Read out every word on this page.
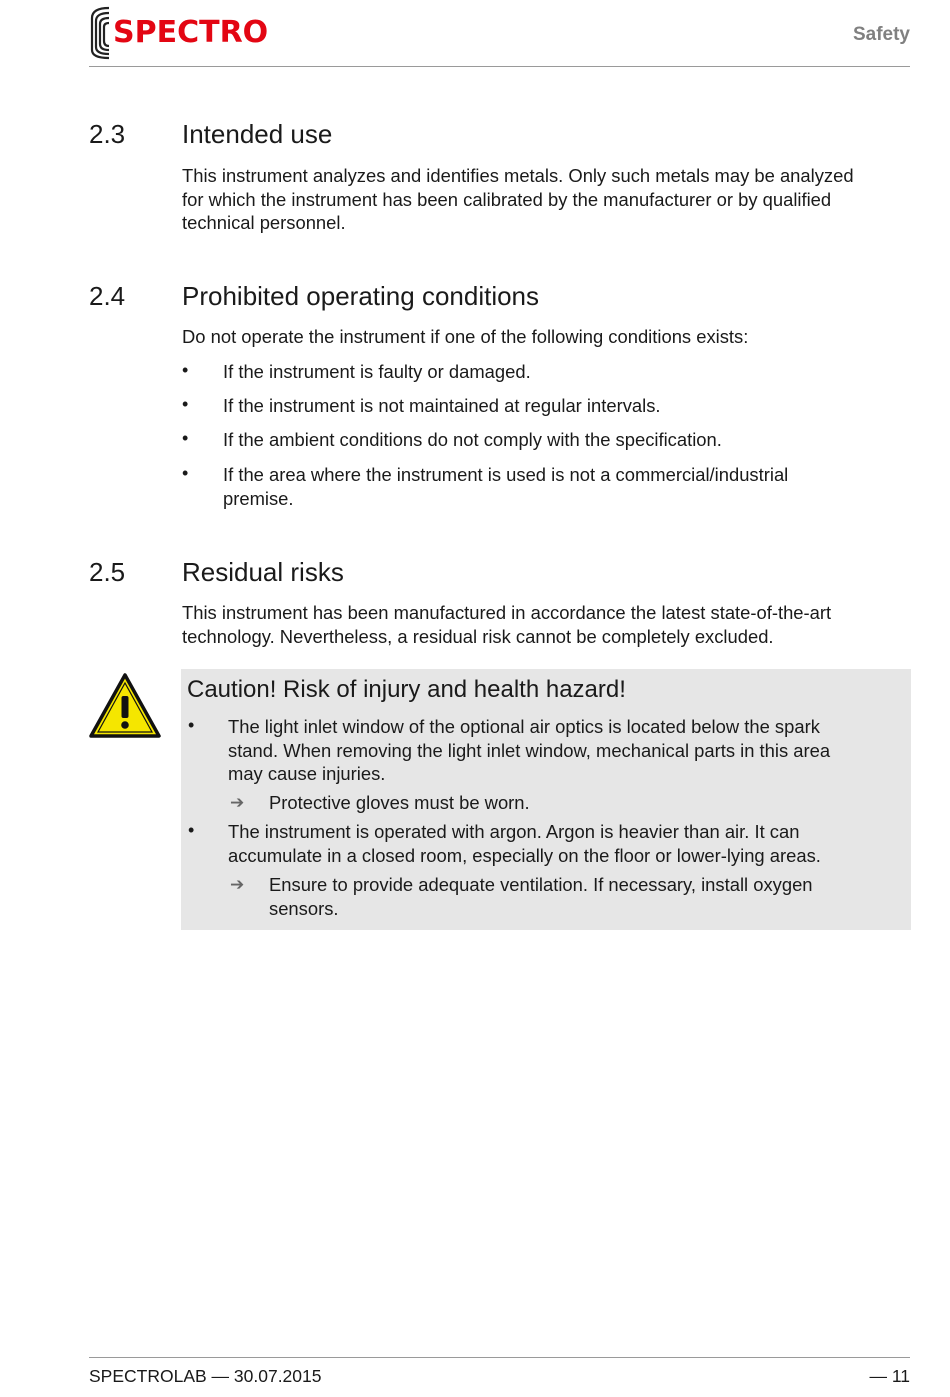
SPECTRO	Safety
2.3 Intended use
This instrument analyzes and identifies metals. Only such metals may be analyzed
for which the instrument has been calibrated by the manufacturer or by qualified
technical personnel.
2.4 Prohibited operating conditions
Do not operate the instrument if one of the following conditions exists:
• If the instrument is faulty or damaged.
• If the instrument is not maintained at regular intervals.
• If the ambient conditions do not comply with the specification.
• If the area where the instrument is used is not a commercial/industrial
premise.
2.5 Residual risks
This instrument has been manufactured in accordance the latest state-of-the-art
technology. Nevertheless, a residual risk cannot be completely excluded.
Caution! Risk of injury and health hazard!
• The light inlet window of the optional air optics is located below the spark
stand. When removing the light inlet window, mechanical parts in this area
may cause injuries.
➔ Protective gloves must be worn.
• The instrument is operated with argon. Argon is heavier than air. It can
accumulate in a closed room, especially on the floor or lower-lying areas.
➔ Ensure to provide adequate ventilation. If necessary, install oxygen
sensors.
SPECTROLAB — 30.07.2015	— 11
